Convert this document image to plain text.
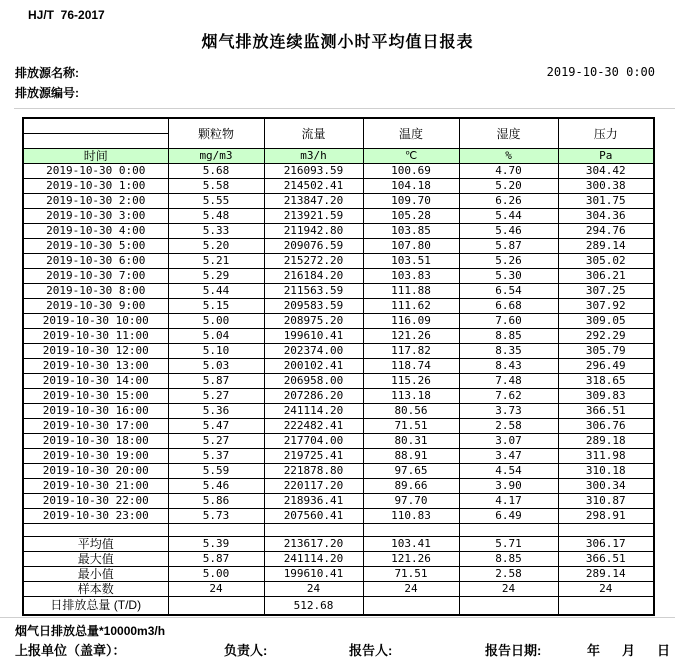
HJ/T  76-2017
烟气排放连续监测小时平均值日报表
排放源名称:	2019-10-30 0:00
排放源编号:
	颗粒物	流量	温度	湿度	压力
时间	mg/m3	m3/h	℃	%	Pa
2019-10-30 0:00	5.68	216093.59	100.69	4.70	304.42
2019-10-30 1:00	5.58	214502.41	104.18	5.20	300.38
2019-10-30 2:00	5.55	213847.20	109.70	6.26	301.75
2019-10-30 3:00	5.48	213921.59	105.28	5.44	304.36
2019-10-30 4:00	5.33	211942.80	103.85	5.46	294.76
2019-10-30 5:00	5.20	209076.59	107.80	5.87	289.14
2019-10-30 6:00	5.21	215272.20	103.51	5.26	305.02
2019-10-30 7:00	5.29	216184.20	103.83	5.30	306.21
2019-10-30 8:00	5.44	211563.59	111.88	6.54	307.25
2019-10-30 9:00	5.15	209583.59	111.62	6.68	307.92
2019-10-30 10:00	5.00	208975.20	116.09	7.60	309.05
2019-10-30 11:00	5.04	199610.41	121.26	8.85	292.29
2019-10-30 12:00	5.10	202374.00	117.82	8.35	305.79
2019-10-30 13:00	5.03	200102.41	118.74	8.43	296.49
2019-10-30 14:00	5.87	206958.00	115.26	7.48	318.65
2019-10-30 15:00	5.27	207286.20	113.18	7.62	309.83
2019-10-30 16:00	5.36	241114.20	80.56	3.73	366.51
2019-10-30 17:00	5.47	222482.41	71.51	2.58	306.76
2019-10-30 18:00	5.27	217704.00	80.31	3.07	289.18
2019-10-30 19:00	5.37	219725.41	88.91	3.47	311.98
2019-10-30 20:00	5.59	221878.80	97.65	4.54	310.18
2019-10-30 21:00	5.46	220117.20	89.66	3.90	300.34
2019-10-30 22:00	5.86	218936.41	97.70	4.17	310.87
2019-10-30 23:00	5.73	207560.41	110.83	6.49	298.91

平均值	5.39	213617.20	103.41	5.71	306.17
最大值	5.87	241114.20	121.26	8.85	366.51
最小值	5.00	199610.41	71.51	2.58	289.14
样本数	24	24	24	24	24
日排放总量 (T/D)		512.68			
烟气日排放总量*10000m3/h
上报单位（盖章）：	负责人:	报告人:	报告日期:	年 月 日
